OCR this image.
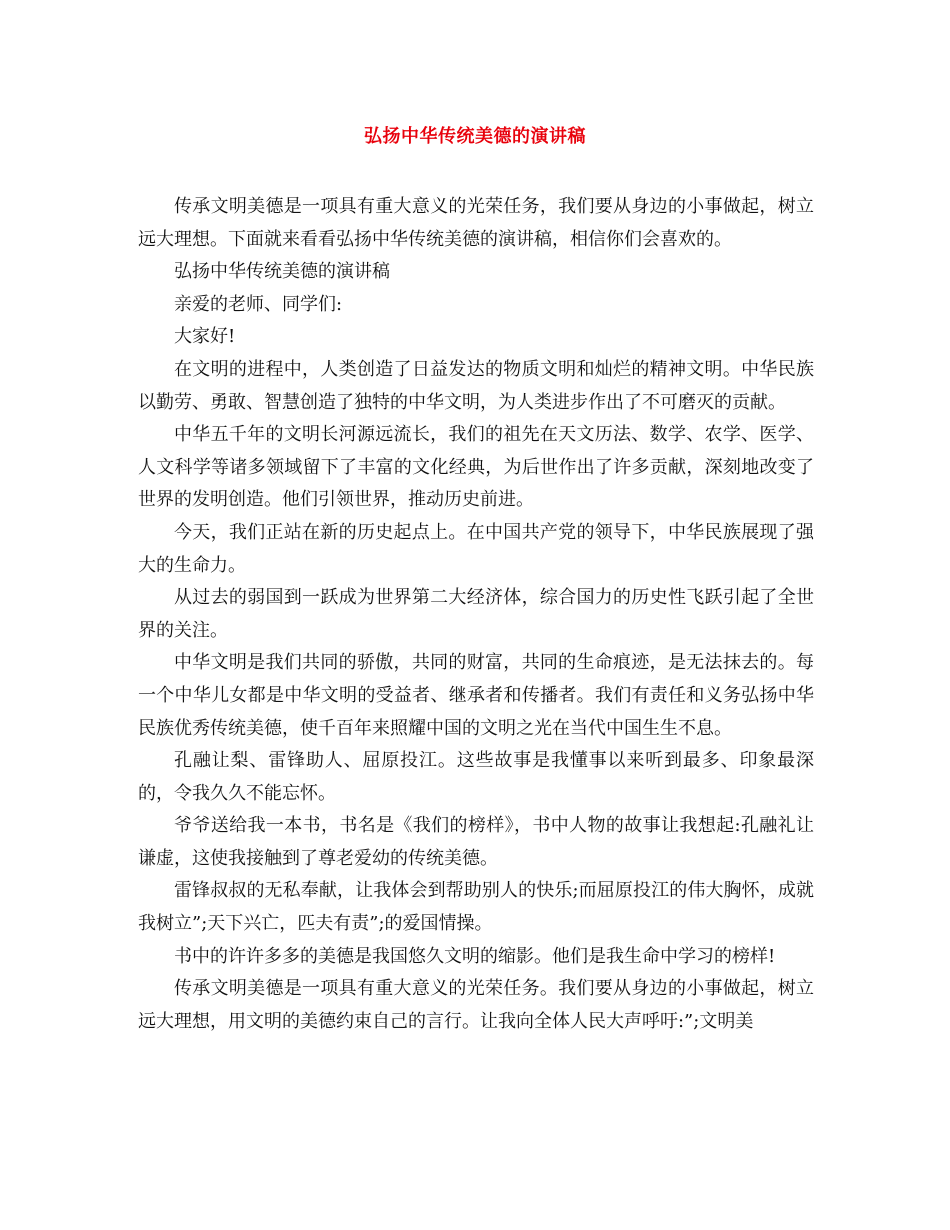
弘扬中华传统美德的演讲稿

传承文明美德是一项具有重大意义的光荣任务，我们要从身边的小事做起，树立远大理想。下面就来看看弘扬中华传统美德的演讲稿，相信你们会喜欢的。

弘扬中华传统美德的演讲稿

亲爱的老师、同学们:

大家好!

在文明的进程中，人类创造了日益发达的物质文明和灿烂的精神文明。中华民族以勤劳、勇敢、智慧创造了独特的中华文明，为人类进步作出了不可磨灭的贡献。

中华五千年的文明长河源远流长，我们的祖先在天文历法、数学、农学、医学、人文科学等诸多领域留下了丰富的文化经典，为后世作出了许多贡献，深刻地改变了世界的发明创造。他们引领世界，推动历史前进。

今天，我们正站在新的历史起点上。在中国共产党的领导下，中华民族展现了强大的生命力。

从过去的弱国到一跃成为世界第二大经济体，综合国力的历史性飞跃引起了全世界的关注。

中华文明是我们共同的骄傲，共同的财富，共同的生命痕迹，是无法抹去的。每一个中华儿女都是中华文明的受益者、继承者和传播者。我们有责任和义务弘扬中华民族优秀传统美德，使千百年来照耀中国的文明之光在当代中国生生不息。

孔融让梨、雷锋助人、屈原投江。这些故事是我懂事以来听到最多、印象最深的，令我久久不能忘怀。

爷爷送给我一本书，书名是《我们的榜样》，书中人物的故事让我想起:孔融礼让谦虚，这使我接触到了尊老爱幼的传统美德。

雷锋叔叔的无私奉献，让我体会到帮助别人的快乐;而屈原投江的伟大胸怀，成就我树立”;天下兴亡，匹夫有责”;的爱国情操。

书中的许许多多的美德是我国悠久文明的缩影。他们是我生命中学习的榜样!

传承文明美德是一项具有重大意义的光荣任务。我们要从身边的小事做起，树立远大理想，用文明的美德约束自己的言行。让我向全体人民大声呼吁:”;文明美
